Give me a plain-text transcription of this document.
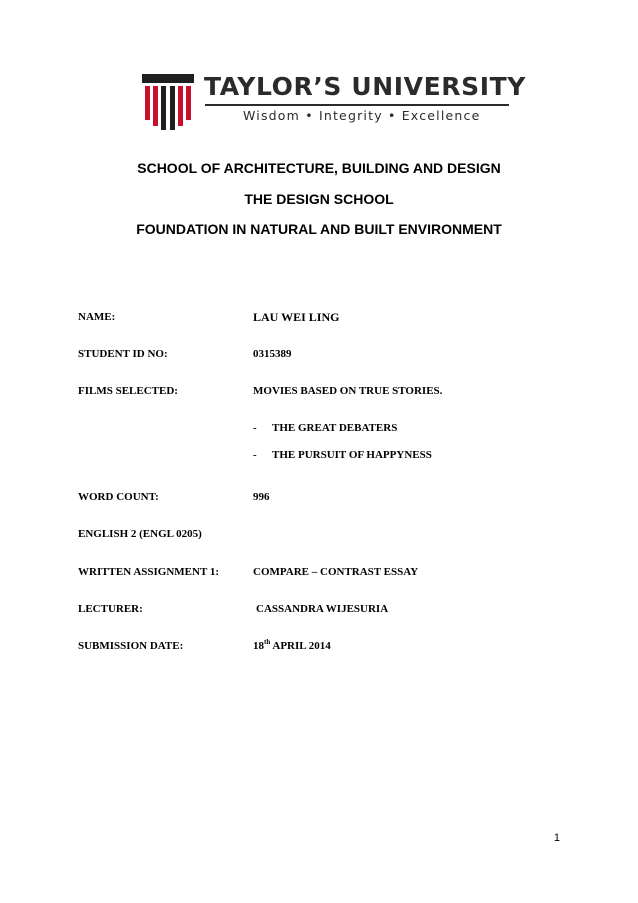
TAYLOR’S UNIVERSITY
Wisdom • Integrity • Excellence
SCHOOL OF ARCHITECTURE, BUILDING AND DESIGN
THE DESIGN SCHOOL
FOUNDATION IN NATURAL AND BUILT ENVIRONMENT
NAME:	LAU WEI LING
STUDENT ID NO:	0315389
FILMS SELECTED:	MOVIES BASED ON TRUE STORIES.
- THE GREAT DEBATERS
- THE PURSUIT OF HAPPYNESS
WORD COUNT:	996
ENGLISH 2 (ENGL 0205)
WRITTEN ASSIGNMENT 1:	COMPARE – CONTRAST ESSAY
LECTURER:	CASSANDRA WIJESURIA
SUBMISSION DATE:	18th APRIL 2014
1
